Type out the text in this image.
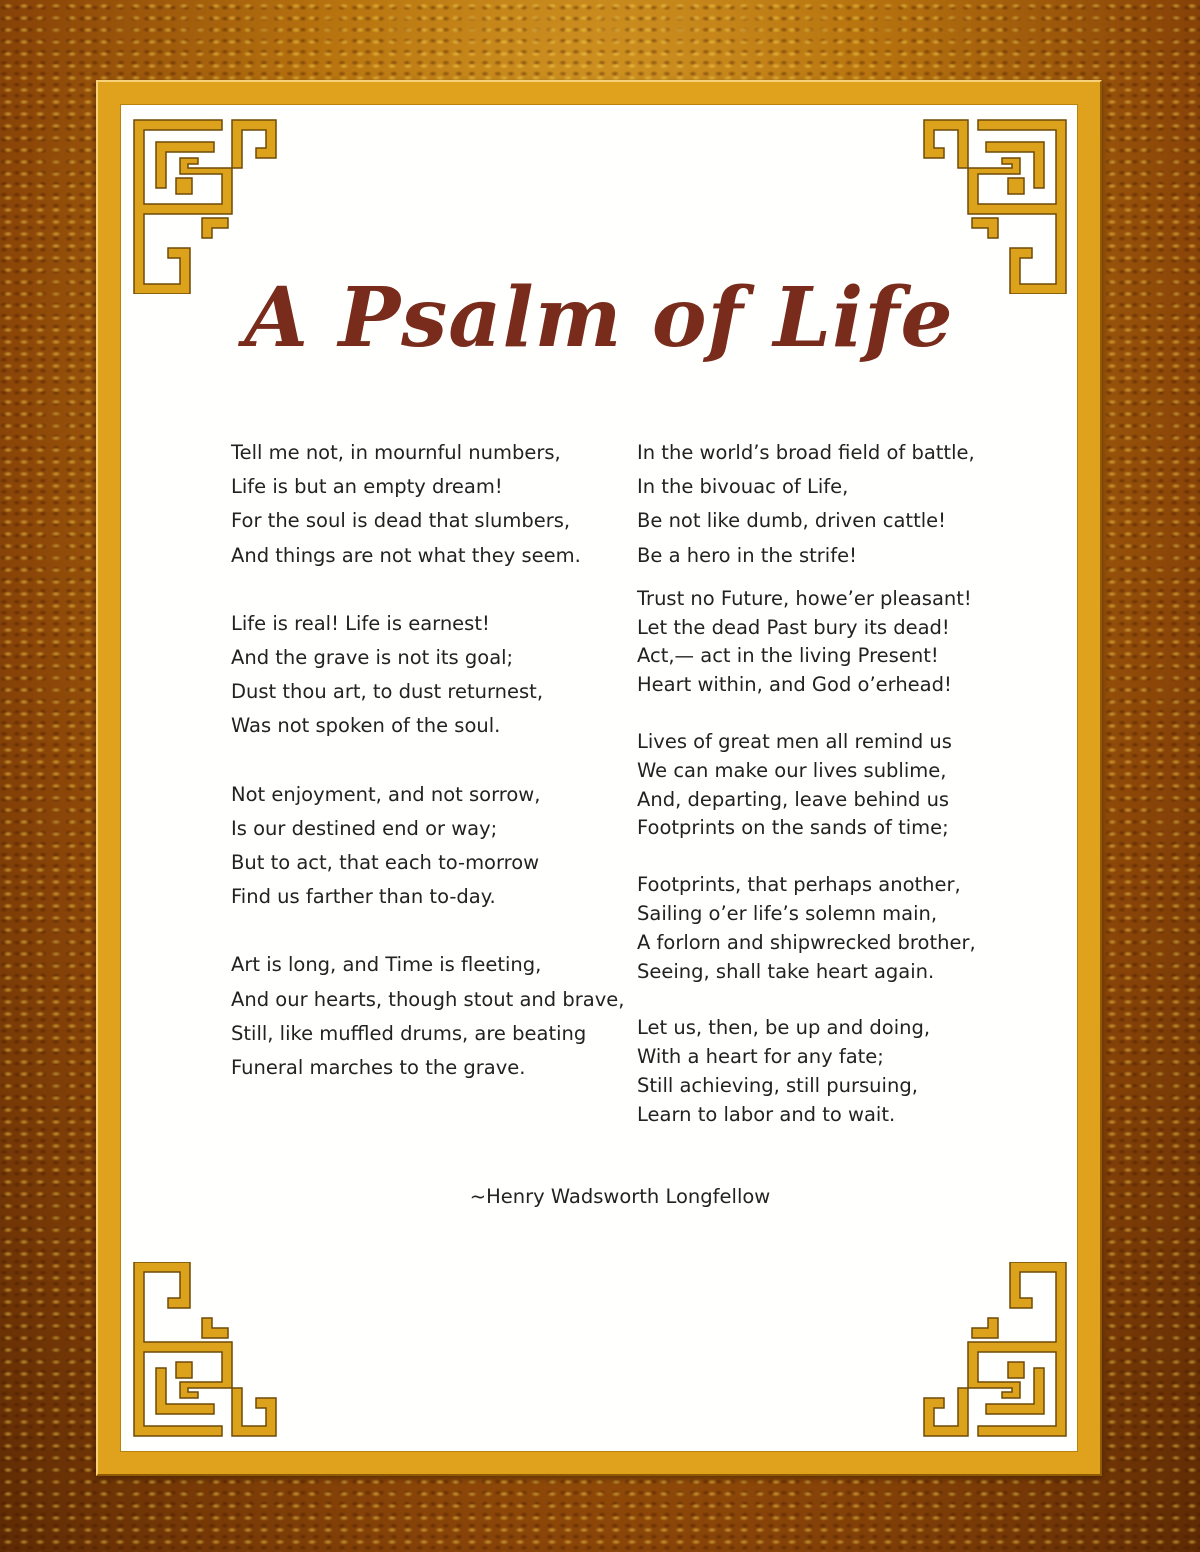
A Psalm of Life
Tell me not, in mournful numbers,
Life is but an empty dream!
For the soul is dead that slumbers,
And things are not what they seem.
Life is real! Life is earnest!
And the grave is not its goal;
Dust thou art, to dust returnest,
Was not spoken of the soul.
Not enjoyment, and not sorrow,
Is our destined end or way;
But to act, that each to-morrow
Find us farther than to-day.
Art is long, and Time is fleeting,
And our hearts, though stout and brave,
Still, like muffled drums, are beating
Funeral marches to the grave.
In the world’s broad field of battle,
In the bivouac of Life,
Be not like dumb, driven cattle!
Be a hero in the strife!
Trust no Future, howe’er pleasant!
Let the dead Past bury its dead!
Act,— act in the living Present!
Heart within, and God o’erhead!
Lives of great men all remind us
We can make our lives sublime,
And, departing, leave behind us
Footprints on the sands of time;
Footprints, that perhaps another,
Sailing o’er life’s solemn main,
A forlorn and shipwrecked brother,
Seeing, shall take heart again.
Let us, then, be up and doing,
With a heart for any fate;
Still achieving, still pursuing,
Learn to labor and to wait.
~Henry Wadsworth Longfellow
